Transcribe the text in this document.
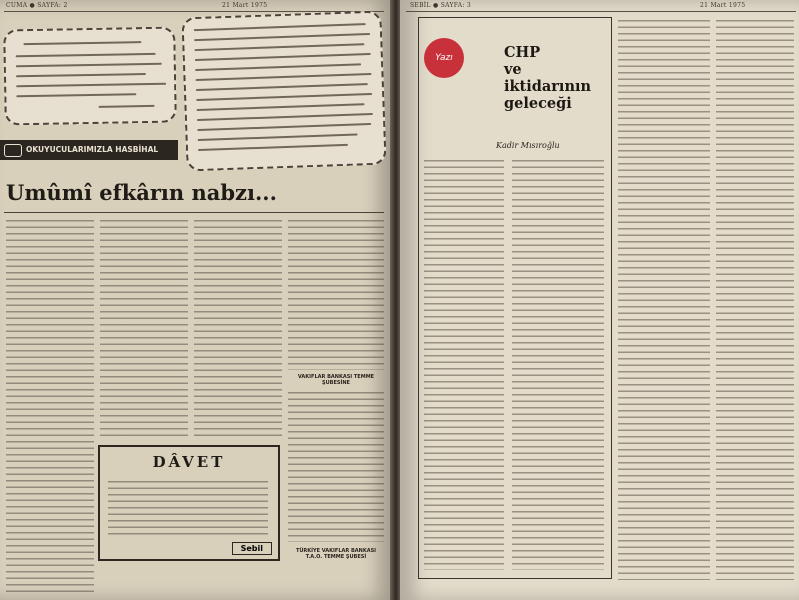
CUMA ● SAYFA: 2	21 Mart 1975
OKUYUCULARIMIZLA HASBİHAL
Umûmî efkârın nabzı...
VAKIFLAR BANKASI TEMME ŞUBESİNE
TÜRKİYE VAKIFLAR BANKASI T.A.O. TEMME ŞUBESİ
DÂVET
Sebil
SEBİL ● SAYFA: 3	21 Mart 1975
Yazı	CHP
ve
iktidarının
geleceği
Kadir Mısıroğlu
